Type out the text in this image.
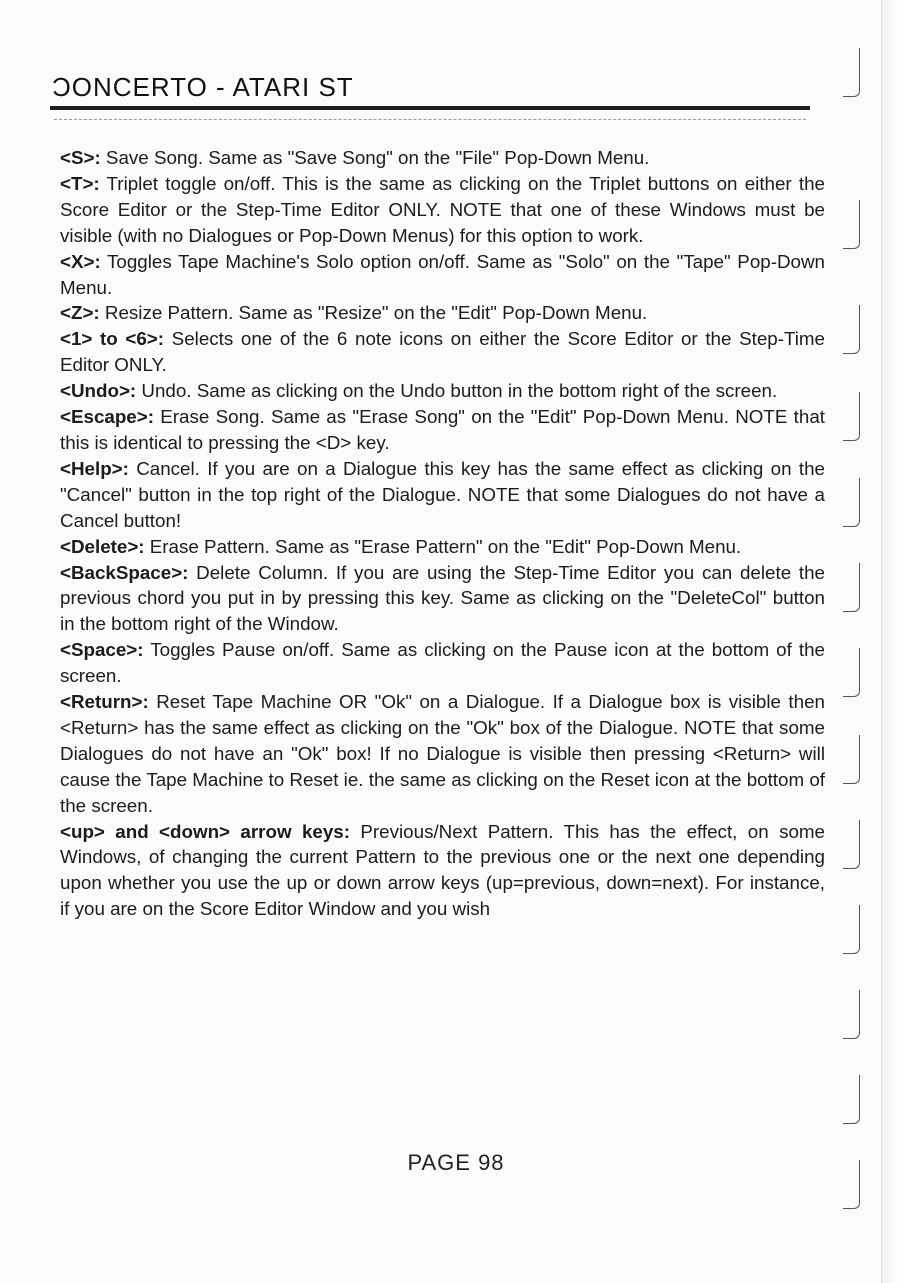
ϽONCERTO - ATARI ST

<S>: Save Song. Same as "Save Song" on the "File" Pop-Down Menu.

<T>: Triplet toggle on/off. This is the same as clicking on the Triplet buttons on either the Score Editor or the Step-Time Editor ONLY. NOTE that one of these Windows must be visible (with no Dialogues or Pop-Down Menus) for this option to work.

<X>: Toggles Tape Machine's Solo option on/off. Same as "Solo" on the "Tape" Pop-Down Menu.

<Z>: Resize Pattern. Same as "Resize" on the "Edit" Pop-Down Menu.

<1> to <6>: Selects one of the 6 note icons on either the Score Editor or the Step-Time Editor ONLY.

<Undo>: Undo. Same as clicking on the Undo button in the bottom right of the screen.

<Escape>: Erase Song. Same as "Erase Song" on the "Edit" Pop-Down Menu. NOTE that this is identical to pressing the <D> key.

<Help>: Cancel. If you are on a Dialogue this key has the same effect as clicking on the "Cancel" button in the top right of the Dialogue. NOTE that some Dialogues do not have a Cancel button!

<Delete>: Erase Pattern. Same as "Erase Pattern" on the "Edit" Pop-Down Menu.

<BackSpace>: Delete Column. If you are using the Step-Time Editor you can delete the previous chord you put in by pressing this key. Same as clicking on the "DeleteCol" button in the bottom right of the Window.

<Space>: Toggles Pause on/off. Same as clicking on the Pause icon at the bottom of the screen.

<Return>: Reset Tape Machine OR "Ok" on a Dialogue. If a Dialogue box is visible then <Return> has the same effect as clicking on the "Ok" box of the Dialogue. NOTE that some Dialogues do not have an "Ok" box! If no Dialogue is visible then pressing <Return> will cause the Tape Machine to Reset ie. the same as clicking on the Reset icon at the bottom of the screen.

<up> and <down> arrow keys: Previous/Next Pattern. This has the effect, on some Windows, of changing the current Pattern to the previous one or the next one depending upon whether you use the up or down arrow keys (up=previous, down=next). For instance, if you are on the Score Editor Window and you wish

PAGE 98
